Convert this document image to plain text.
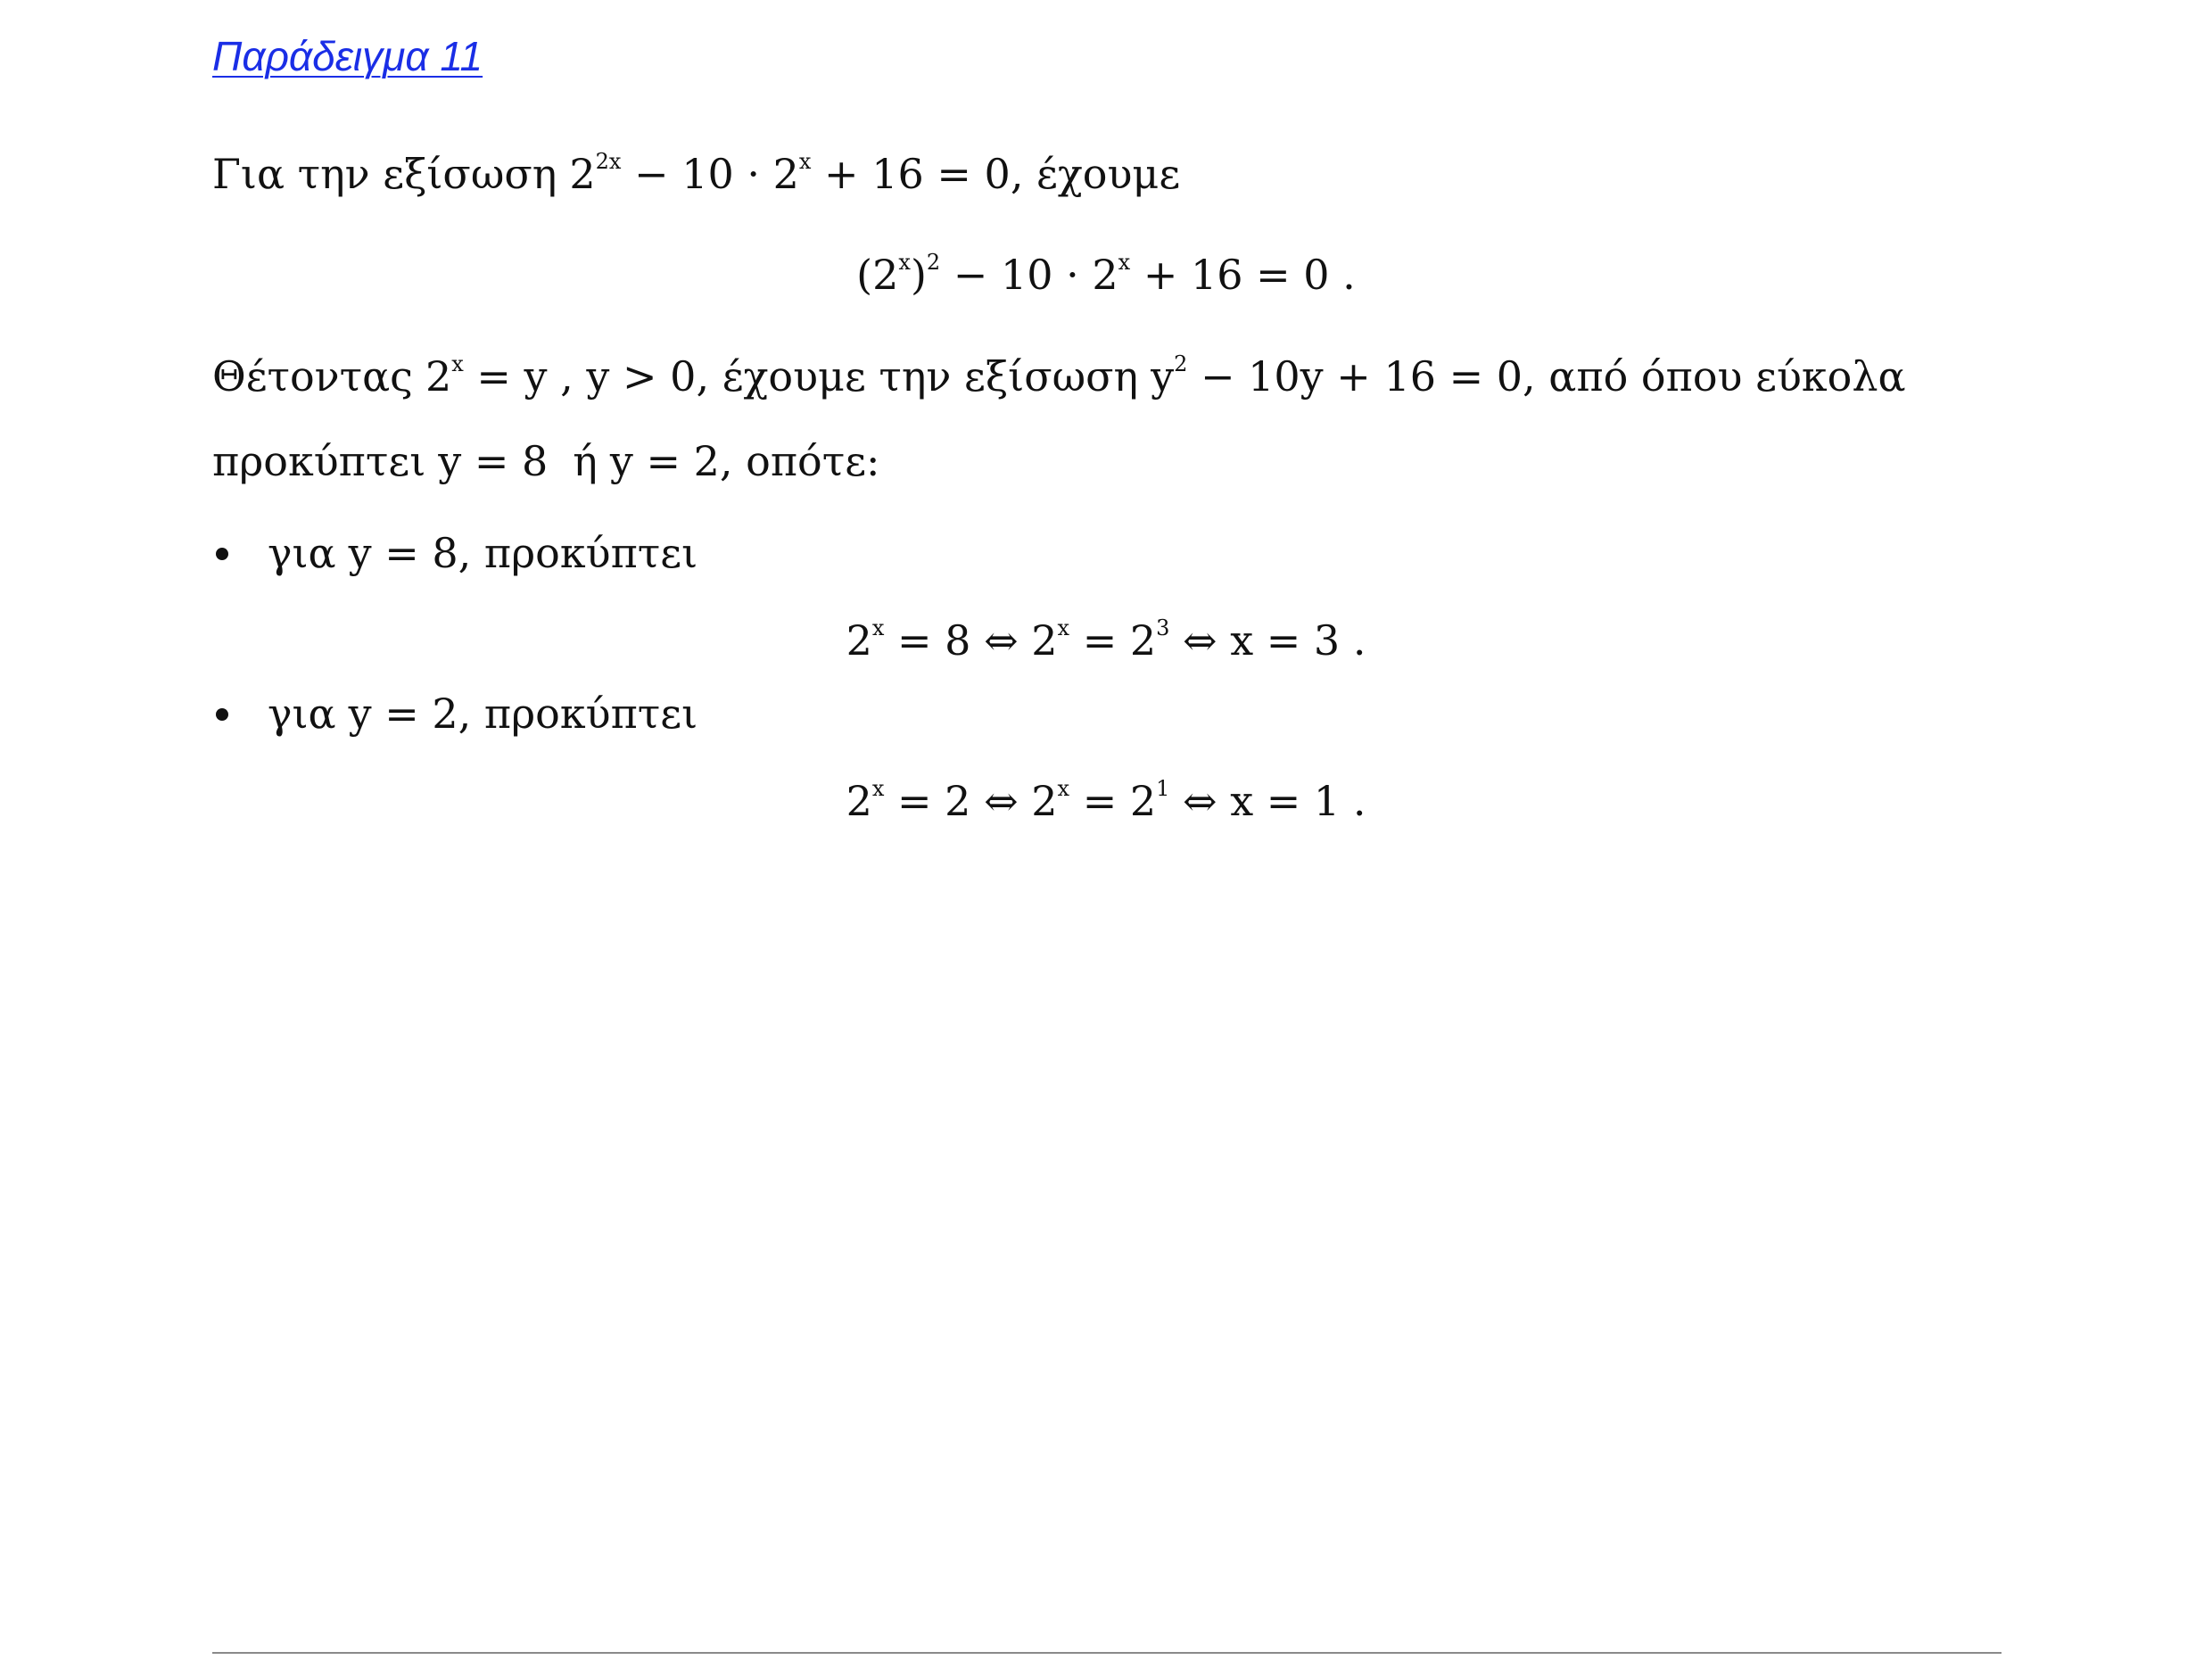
Παράδειγμα 11
Για την εξίσωση $2^{2x} - 10 \cdot 2^x + 16 = 0$, έχουμε
$(2^x)^2 - 10 \cdot 2^x + 16 = 0$ .
Θέτοντας $2^x = y$ , y > 0, έχουμε την εξίσωση $y^2 - 10y + 16 = 0$, από όπου εύκολα
προκύπτει y = 8 ή y = 2, οπότε:
για y = 8, προκύπτει
$2^x = 8$ ⇔ $2^x = 2^3$ ⇔ x = 3 .
για y = 2, προκύπτει
$2^x = 2$ ⇔ $2^x = 2^1$ ⇔ x = 1 .
